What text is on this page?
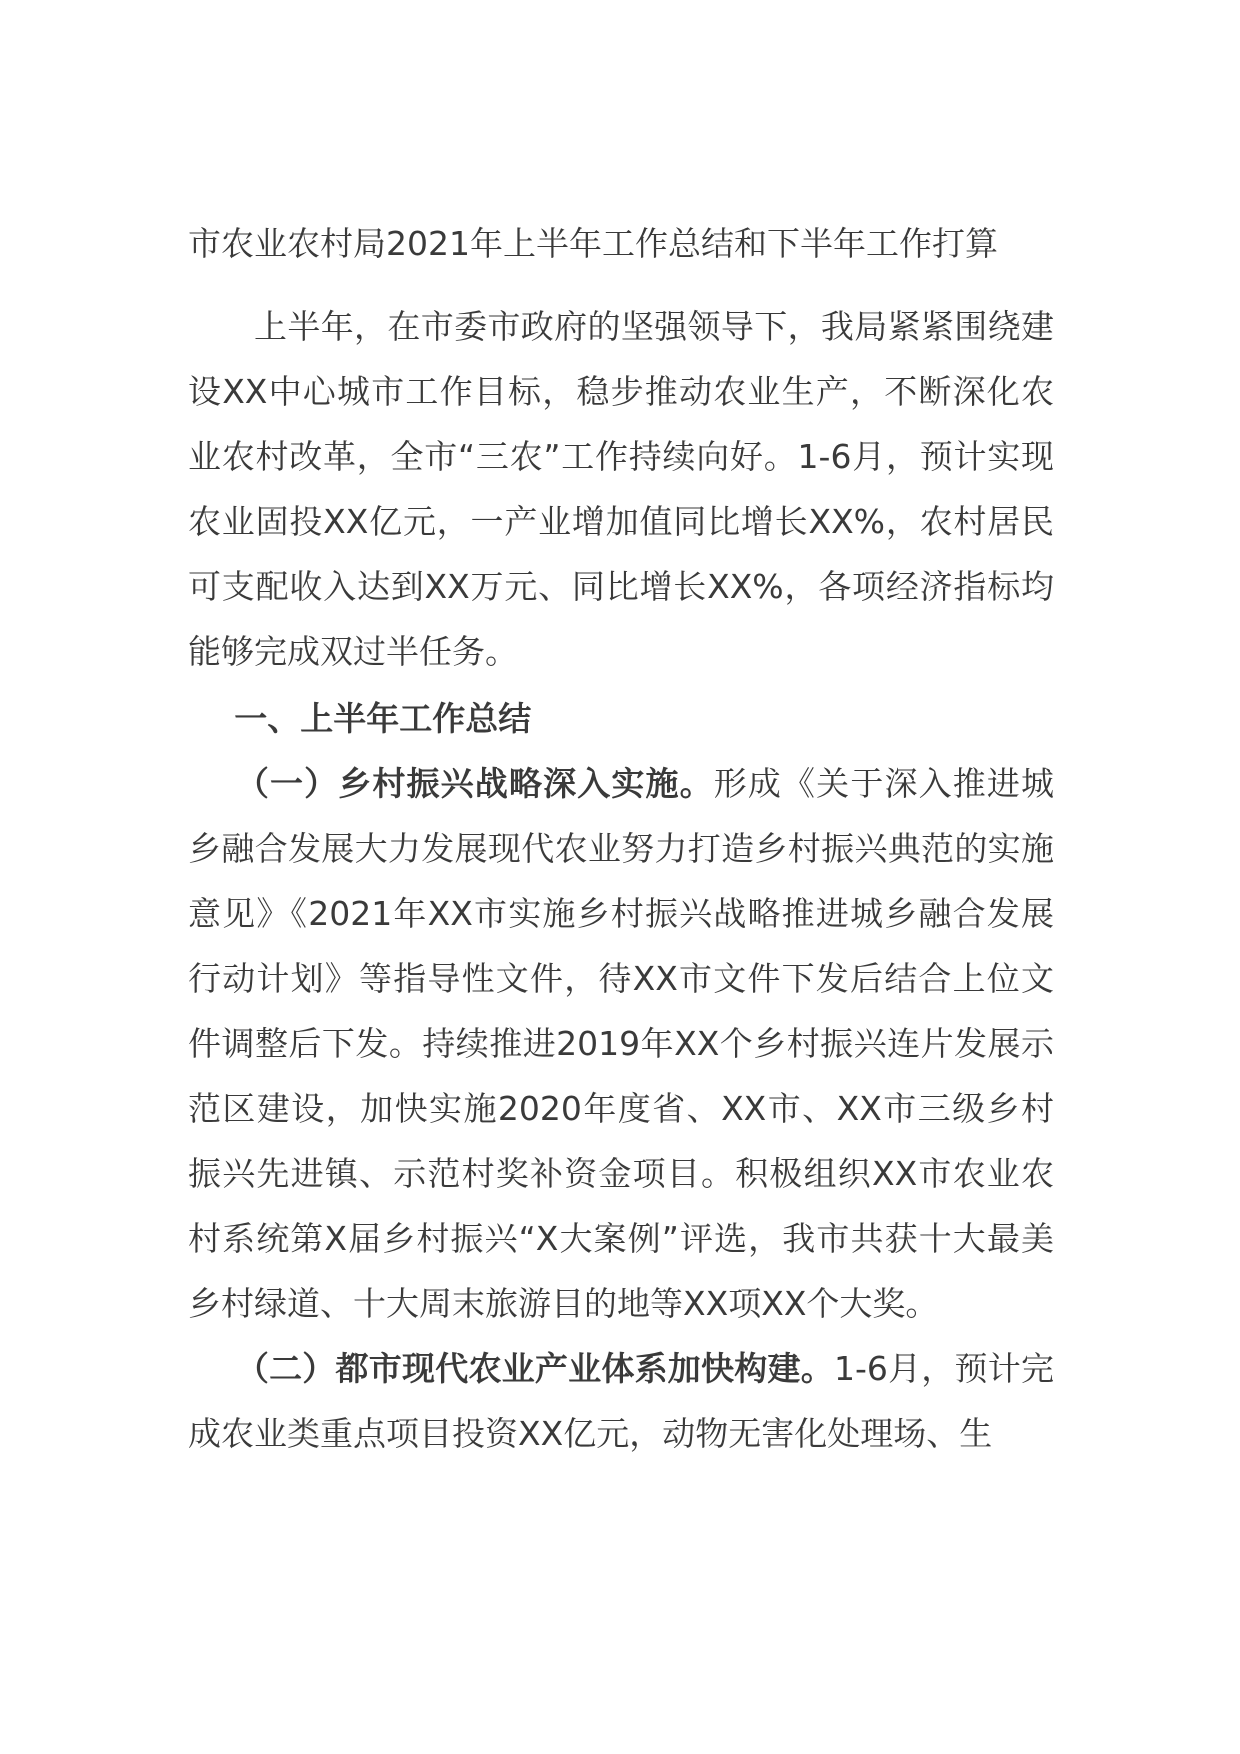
市农业农村局2021年上半年工作总结和下半年工作打算

上半年，在市委市政府的坚强领导下，我局紧紧围绕建设XX中心城市工作目标，稳步推动农业生产，不断深化农业农村改革，全市“三农”工作持续向好。1-6月，预计实现农业固投XX亿元，一产业增加值同比增长XX%，农村居民可支配收入达到XX万元、同比增长XX%，各项经济指标均能够完成双过半任务。

一、上半年工作总结

（一）乡村振兴战略深入实施。形成《关于深入推进城乡融合发展大力发展现代农业努力打造乡村振兴典范的实施意见》《2021年XX市实施乡村振兴战略推进城乡融合发展行动计划》等指导性文件，待XX市文件下发后结合上位文件调整后下发。持续推进2019年XX个乡村振兴连片发展示范区建设，加快实施2020年度省、XX市、XX市三级乡村振兴先进镇、示范村奖补资金项目。积极组织XX市农业农村系统第X届乡村振兴“X大案例”评选，我市共获十大最美乡村绿道、十大周末旅游目的地等XX项XX个大奖。

（二）都市现代农业产业体系加快构建。1-6月，预计完成农业类重点项目投资XX亿元，动物无害化处理场、生
